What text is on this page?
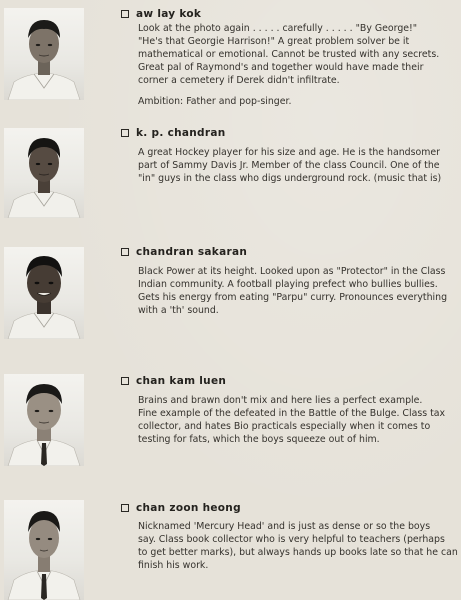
aw lay kok
Look at the photo again . . . . . carefully . . . . . "By George!"
"He's that Georgie Harrison!" A great problem solver be it
mathematical or emotional. Cannot be trusted with any secrets.
Great pal of Raymond's and together would have made their
corner a cemetery if Derek didn't infiltrate.
Ambition: Father and pop-singer.
k. p. chandran
A great Hockey player for his size and age. He is the handsomer
part of Sammy Davis Jr. Member of the class Council. One of the
"in" guys in the class who digs underground rock. (music that is)
chandran sakaran
Black Power at its height. Looked upon as "Protector" in the Class
Indian community. A football playing prefect who bullies bullies.
Gets his energy from eating "Parpu" curry. Pronounces everything
with a 'th' sound.
chan kam luen
Brains and brawn don't mix and here lies a perfect example.
Fine example of the defeated in the Battle of the Bulge. Class tax
collector, and hates Bio practicals especially when it comes to
testing for fats, which the boys squeeze out of him.
chan zoon heong
Nicknamed 'Mercury Head' and is just as dense or so the boys
say. Class book collector who is very helpful to teachers (perhaps
to get better marks), but always hands up books late so that he can
finish his work.
